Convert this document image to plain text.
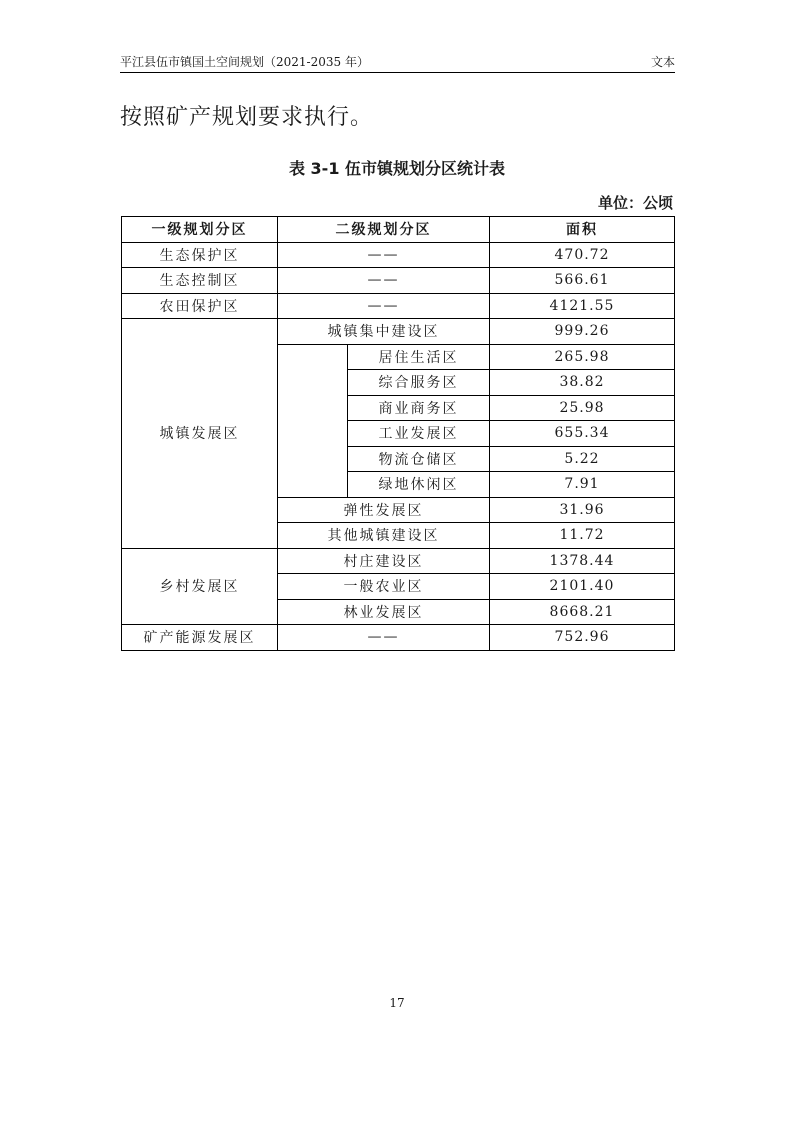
平江县伍市镇国土空间规划（2021-2035 年）	文本
按照矿产规划要求执行。
表 3-1 伍市镇规划分区统计表
单位：公顷
一级规划分区	二级规划分区		面积
生态保护区	——		470.72
生态控制区	——		566.61
农田保护区	——		4121.55
城镇发展区	城镇集中建设区		999.26
		居住生活区	265.98
		综合服务区	38.82
		商业商务区	25.98
		工业发展区	655.34
		物流仓储区	5.22
		绿地休闲区	7.91
	弹性发展区		31.96
	其他城镇建设区		11.72
乡村发展区	村庄建设区		1378.44
	一般农业区		2101.40
	林业发展区		8668.21
矿产能源发展区	——		752.96
17
